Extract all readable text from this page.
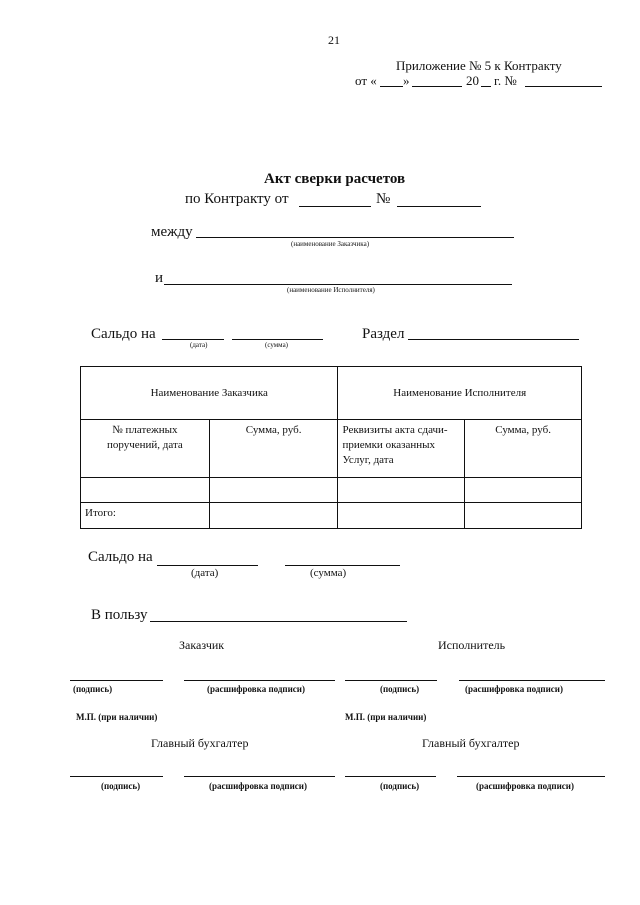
21
Приложение № 5 к Контракту
от « »	20 г. №
Акт сверки расчетов
по Контракту от	№
между
(наименование Заказчика)
и
(наименование Исполнителя)
Сальдо на
(дата)	(сумма)
Раздел
Наименование Заказчика		Наименование Исполнителя	
№ платежных поручений, дата	Сумма, руб.	Реквизиты акта сдачи-приемки оказанных Услуг, дата	Сумма, руб.

Итого:			
Сальдо на
(дата)	(сумма)
В пользу
Заказчик	Исполнитель
(подпись)	(расшифровка подписи)	(подпись)	(расшифровка подписи)
М.П. (при наличии)	М.П. (при наличии)
Главный бухгалтер	Главный бухгалтер
(подпись)	(расшифровка подписи)	(подпись)	(расшифровка подписи)
